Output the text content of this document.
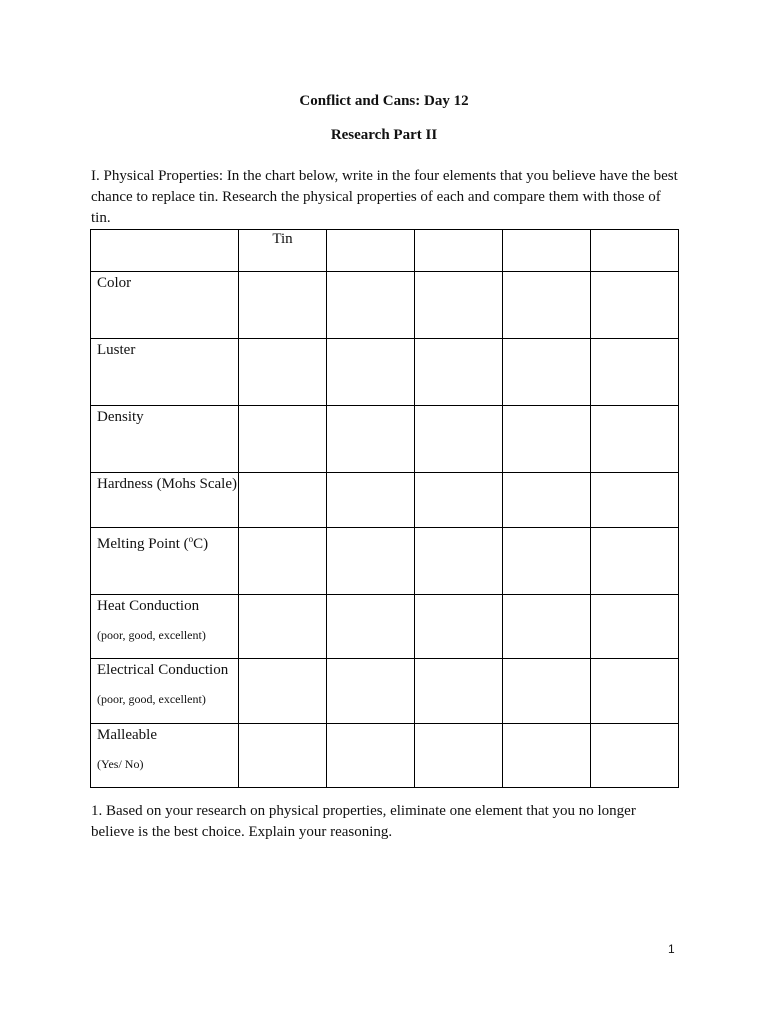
Conflict and Cans: Day 12
Research Part II

I. Physical Properties: In the chart below, write in the four elements that you believe have the best chance to replace tin. Research the physical properties of each and compare them with those of tin.

	Tin				

Color					

Luster					

Density					

Hardness (Mohs Scale)					

Melting Point ($^o$C)					

Heat Conduction
(poor, good, excellent)					

Electrical Conduction
(poor, good, excellent)					

Malleable
(Yes/ No)					

1. Based on your research on physical properties, eliminate one element that you no longer believe is the best choice. Explain your reasoning.

1
